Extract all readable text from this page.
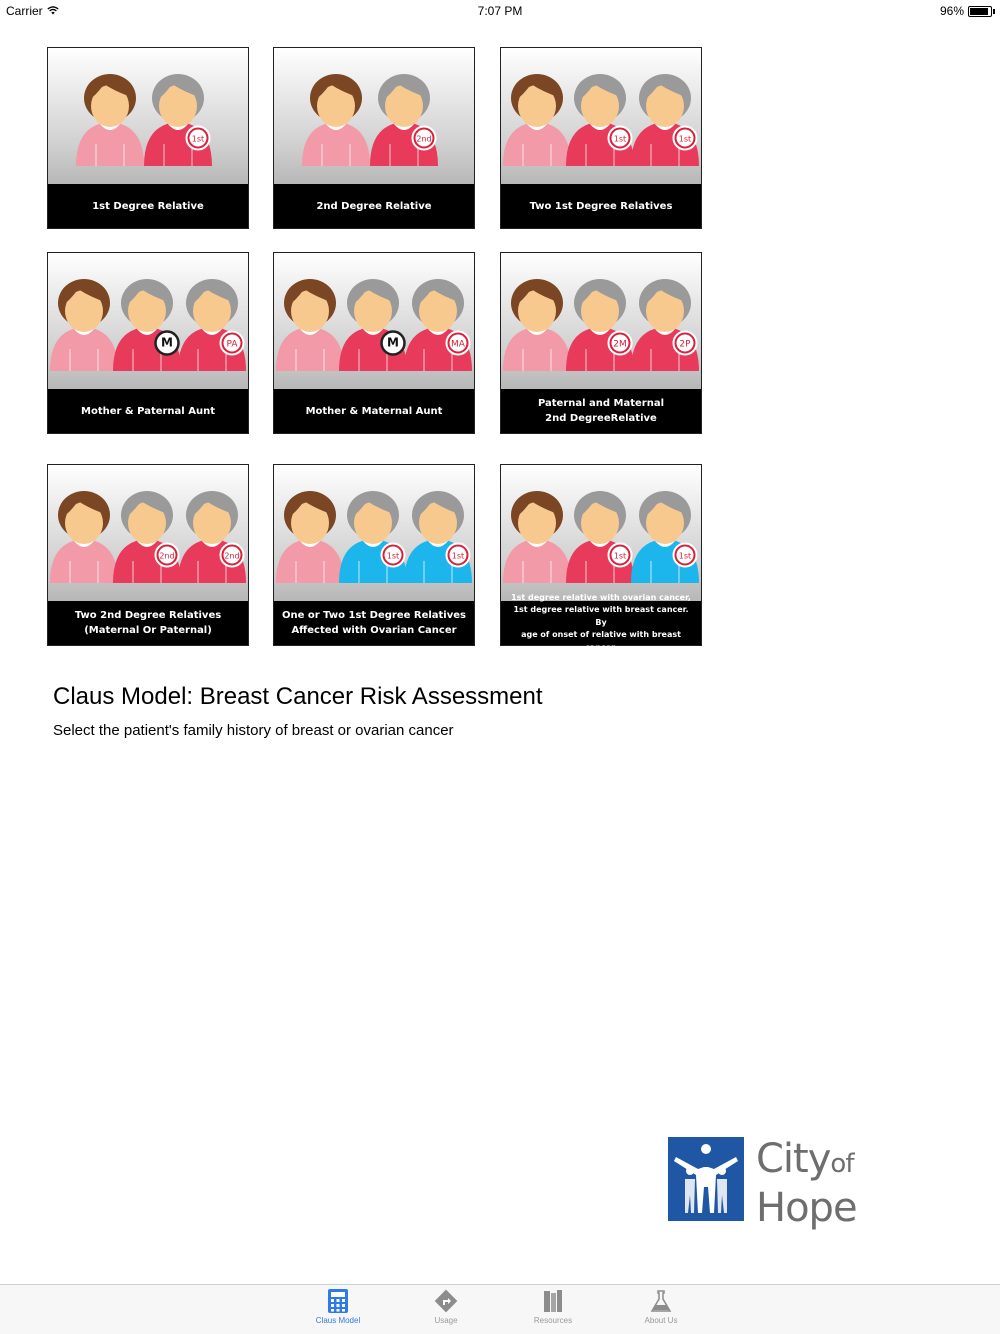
Carrier	7:07 PM	96%
1st
1st Degree Relative
2nd
2nd Degree Relative
1st	1st
Two 1st Degree Relatives
M	PA
Mother & Paternal Aunt
M	MA
Mother & Maternal Aunt
2M	2P
Paternal and Maternal
2nd DegreeRelative
2nd	2nd
Two 2nd Degree Relatives
(Maternal Or Paternal)
1st	1st
One or Two 1st Degree Relatives
Affected with Ovarian Cancer
1st	1st
1st degree relative with ovarian cancer,
1st degree relative with breast cancer. By
age of onset of relative with breast cancer.
Claus Model: Breast Cancer Risk Assessment
Select the patient's family history of breast or ovarian cancer
Cityof
Hope
Claus Model	Usage	Resources	About Us
